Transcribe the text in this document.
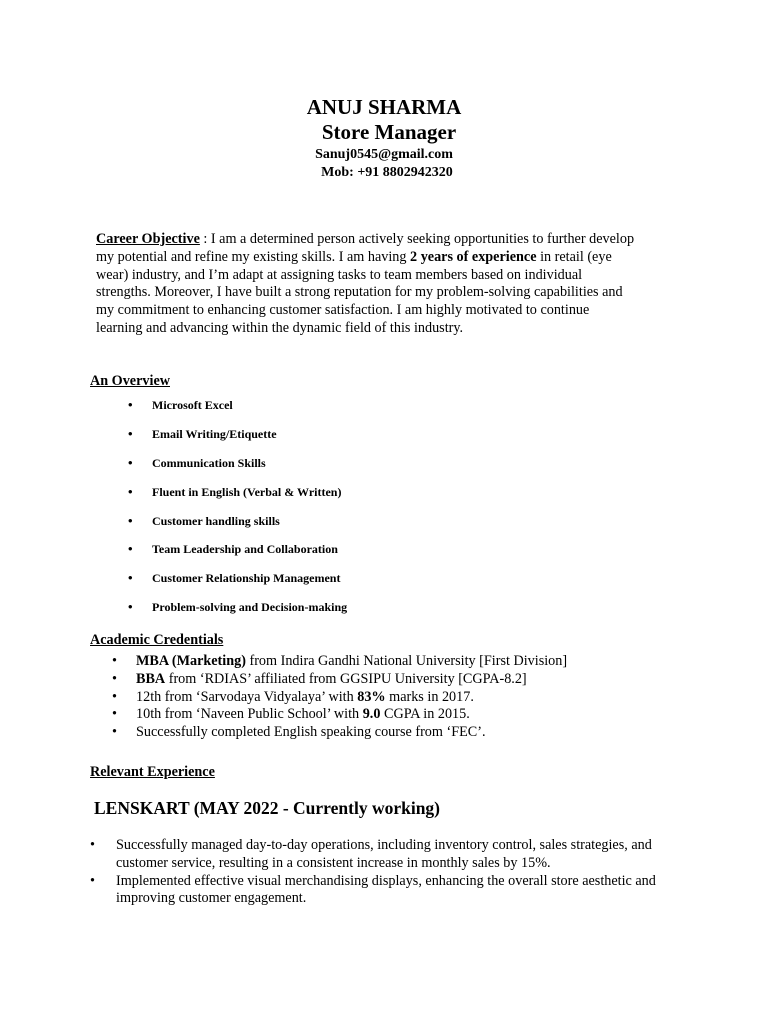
ANUJ SHARMA
Store Manager
Sanuj0545@gmail.com
Mob: +91 8802942320
Career Objective : I am a determined person actively seeking opportunities to further develop my potential and refine my existing skills. I am having 2 years of experience in retail (eye wear) industry, and I’m adapt at assigning tasks to team members based on individual strengths. Moreover, I have built a strong reputation for my problem-solving capabilities and my commitment to enhancing customer satisfaction. I am highly motivated to continue learning and advancing within the dynamic field of this industry.
An Overview
• Microsoft Excel
• Email Writing/Etiquette
• Communication Skills
• Fluent in English (Verbal & Written)
• Customer handling skills
• Team Leadership and Collaboration
• Customer Relationship Management
• Problem-solving and Decision-making
Academic Credentials
• MBA (Marketing) from Indira Gandhi National University [First Division]
• BBA from ‘RDIAS’ affiliated from GGSIPU University [CGPA-8.2]
• 12th from ‘Sarvodaya Vidyalaya’ with 83% marks in 2017.
• 10th from ‘Naveen Public School’ with 9.0 CGPA in 2015.
• Successfully completed English speaking course from ‘FEC’.
Relevant Experience
LENSKART (MAY 2022 - Currently working)
• Successfully managed day-to-day operations, including inventory control, sales strategies, and customer service, resulting in a consistent increase in monthly sales by 15%.
• Implemented effective visual merchandising displays, enhancing the overall store aesthetic and improving customer engagement.
